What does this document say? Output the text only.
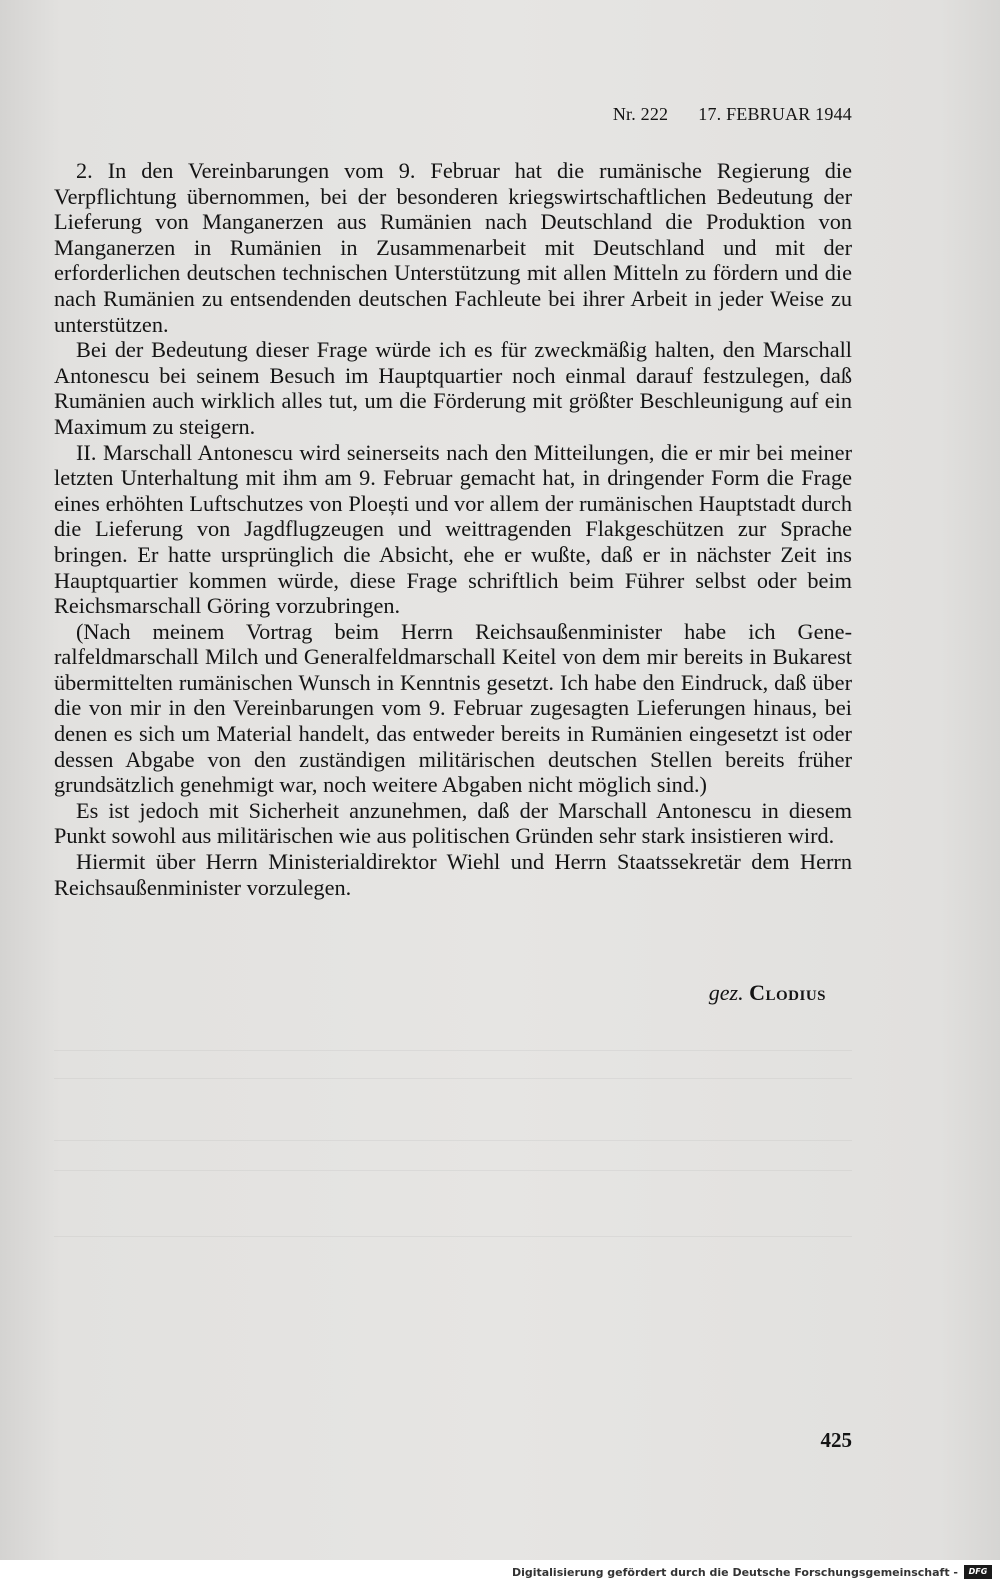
Nr. 222 17. FEBRUAR 1944

2. In den Vereinbarungen vom 9. Februar hat die rumänische Regierung die Verpflichtung übernommen, bei der besonderen kriegswirtschaftlichen Bedeutung der Lieferung von Manganerzen aus Rumänien nach Deutschland die Produktion von Manganerzen in Rumänien in Zusammenarbeit mit Deutschland und mit der erforderlichen deutschen technischen Unterstützung mit allen Mitteln zu fördern und die nach Rumänien zu entsendenden deutschen Fachleute bei ihrer Arbeit in jeder Weise zu unterstützen.

Bei der Bedeutung dieser Frage würde ich es für zweckmäßig halten, den Marschall Antonescu bei seinem Besuch im Hauptquartier noch einmal darauf festzulegen, daß Rumänien auch wirklich alles tut, um die Förderung mit größter Beschleunigung auf ein Maximum zu steigern.

II. Marschall Antonescu wird seinerseits nach den Mitteilungen, die er mir bei meiner letzten Unterhaltung mit ihm am 9. Februar gemacht hat, in dringender Form die Frage eines erhöhten Luftschutzes von Ploești und vor allem der rumänischen Hauptstadt durch die Lieferung von Jagdflugzeugen und weittragenden Flakgeschützen zur Sprache bringen. Er hatte ursprünglich die Absicht, ehe er wußte, daß er in nächster Zeit ins Hauptquartier kommen würde, diese Frage schriftlich beim Führer selbst oder beim Reichsmarschall Göring vorzubringen.

(Nach meinem Vortrag beim Herrn Reichsaußenminister habe ich Generalfeldmarschall Milch und Generalfeldmarschall Keitel von dem mir bereits in Bukarest übermittelten rumänischen Wunsch in Kenntnis gesetzt. Ich habe den Eindruck, daß über die von mir in den Vereinbarungen vom 9. Februar zugesagten Lieferungen hinaus, bei denen es sich um Material handelt, das entweder bereits in Rumänien eingesetzt ist oder dessen Abgabe von den zuständigen militärischen deutschen Stellen bereits früher grundsätzlich genehmigt war, noch weitere Abgaben nicht möglich sind.)

Es ist jedoch mit Sicherheit anzunehmen, daß der Marschall Antonescu in diesem Punkt sowohl aus militärischen wie aus politischen Gründen sehr stark insistieren wird.

Hiermit über Herrn Ministerialdirektor Wiehl und Herrn Staatssekretär dem Herrn Reichsaußenminister vorzulegen.

gez. Clodius
425
Digitalisierung gefördert durch die Deutsche Forschungsgemeinschaft -	DFG
